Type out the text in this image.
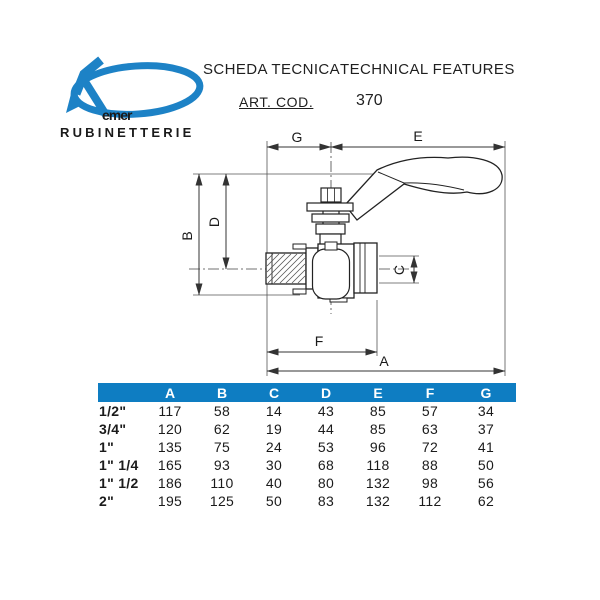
emer
RUBINETTERIE
SCHEDA TECNICA TECHNICAL FEATURES
ART. COD.	370
G	E
B
D
C
F
A
A	B	C	D	E	F	G
1/2"	117	58	14	43	85	57	34
3/4"	120	62	19	44	85	63	37
1"	135	75	24	53	96	72	41
1" 1/4	165	93	30	68	118	88	50
1" 1/2	186	110	40	80	132	98	56
2"	195	125	50	83	132	112	62
